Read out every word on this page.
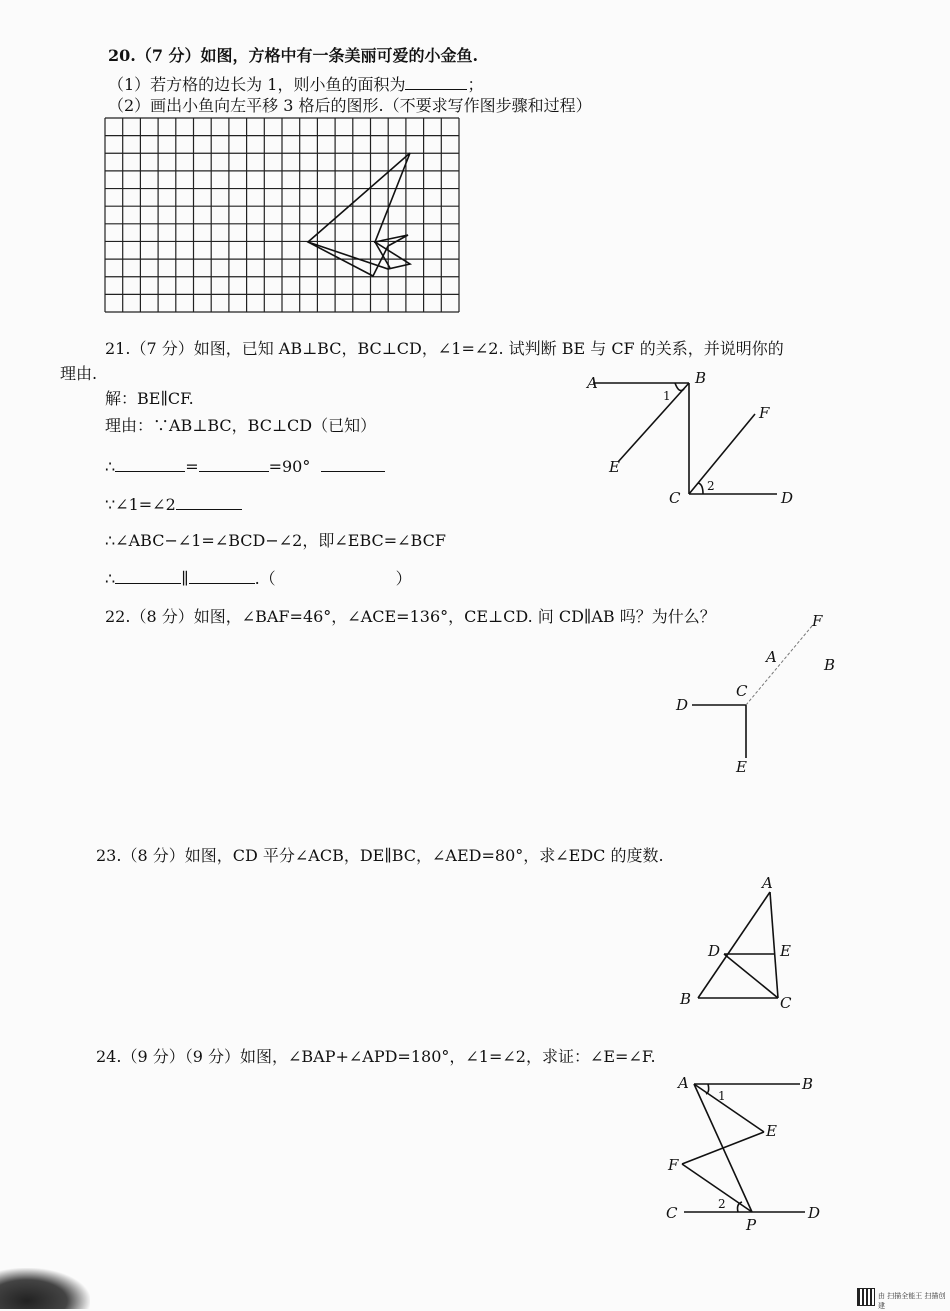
20.（7 分）如图，方格中有一条美丽可爱的小金鱼.
（1）若方格的边长为 1，则小鱼的面积为	；
（2）画出小鱼向左平移 3 格后的图形.（不要求写作图步骤和过程）
21.（7 分）如图，已知 AB⊥BC，BC⊥CD，∠1=∠2. 试判断 BE 与 CF 的关系，并说明你的
理由.
解：BE∥CF.
理由：∵AB⊥BC，BC⊥CD（已知）
∴	=	=90°
∵∠1=∠2
∴∠ABC−∠1=∠BCD−∠2，即∠EBC=∠BCF
∴	∥	.（	）
A	B
C	D
E
F
1
2
22.（8 分）如图，∠BAF=46°，∠ACE=136°，CE⊥CD. 问 CD∥AB 吗？为什么？	F
A	B
C
D
E
23.（8 分）如图，CD 平分∠ACB，DE∥BC，∠AED=80°，求∠EDC 的度数.
A
D	E
B	C
24.（9 分）（9 分）如图，∠BAP+∠APD=180°，∠1=∠2，求证：∠E=∠F.
A	B
E
F
C	D
P
1
2
由 扫描全能王 扫描创建
